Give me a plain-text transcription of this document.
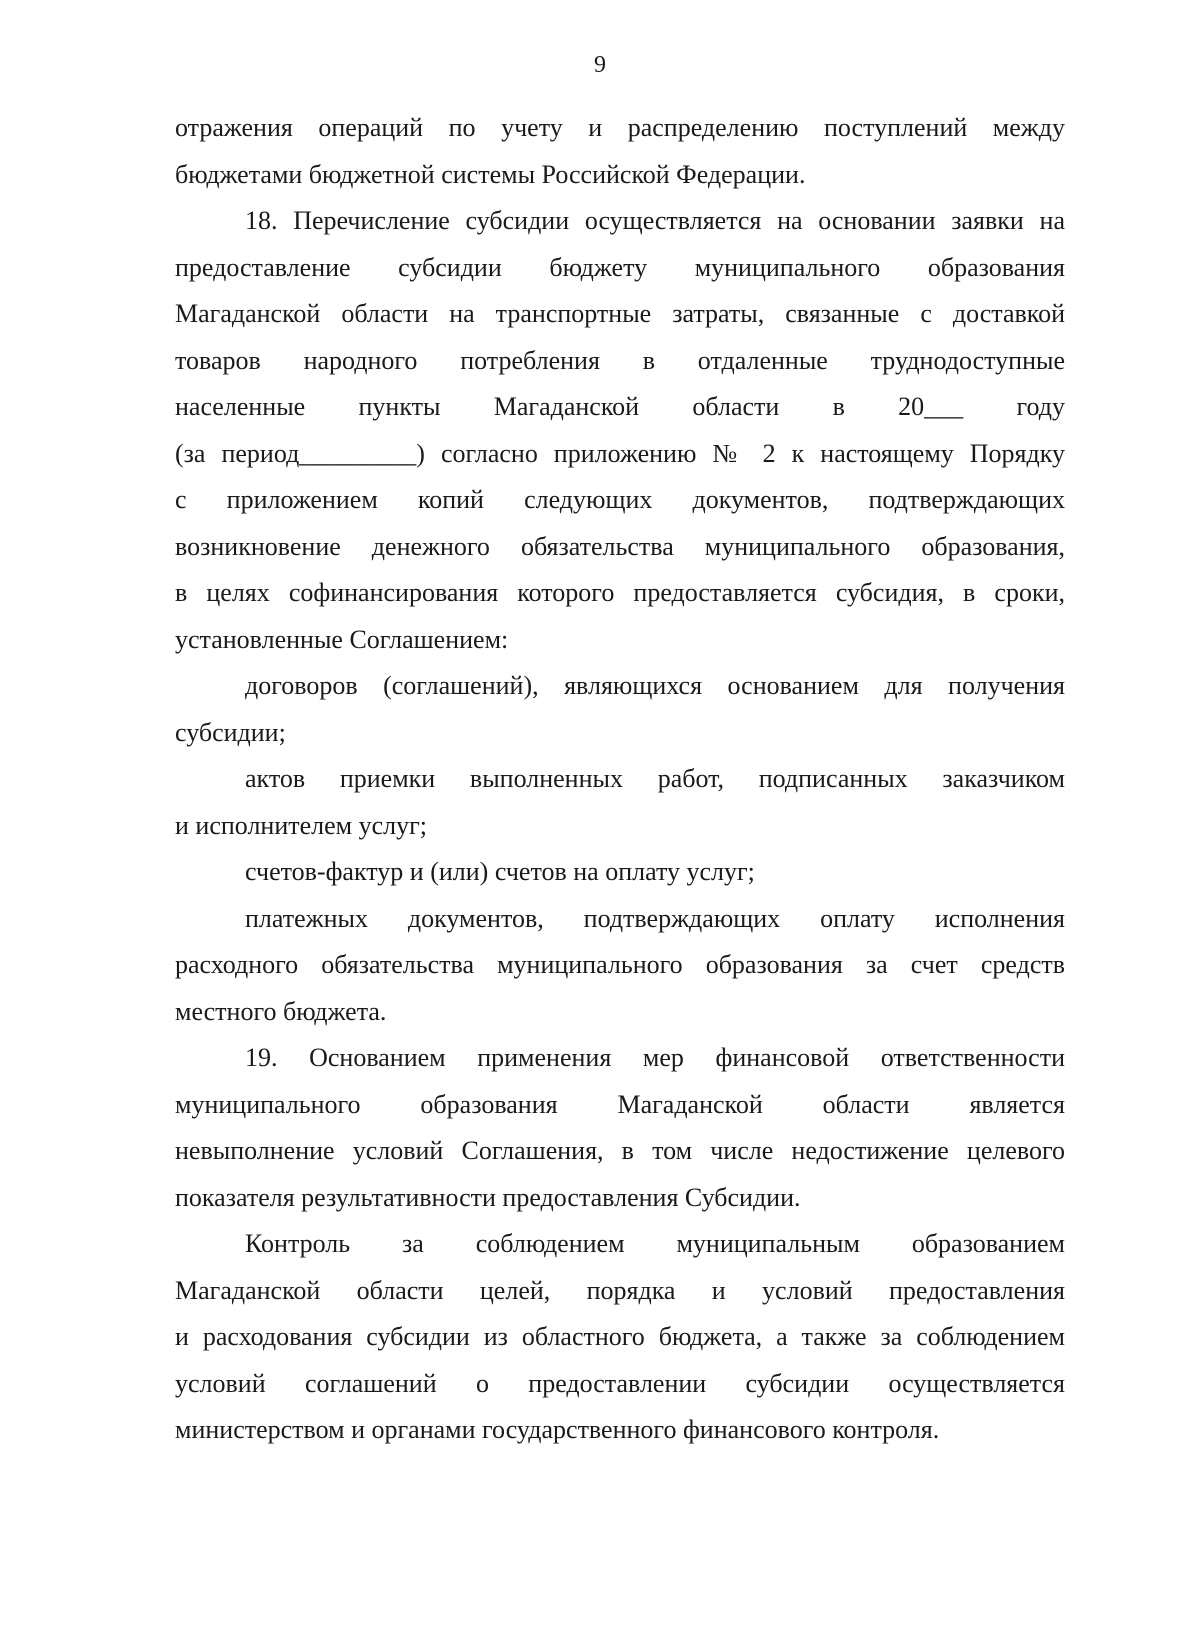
9
отражения операций по учету и распределению поступлений между
бюджетами бюджетной системы Российской Федерации.
18. Перечисление субсидии осуществляется на основании заявки на
предоставление субсидии бюджету муниципального образования
Магаданской области на транспортные затраты, связанные с доставкой
товаров народного потребления в отдаленные труднодоступные
населенные пункты Магаданской области в 20___ году
(за период_________) согласно приложению № 2 к настоящему Порядку
с приложением копий следующих документов, подтверждающих
возникновение денежного обязательства муниципального образования,
в целях софинансирования которого предоставляется субсидия, в сроки,
установленные Соглашением:
договоров (соглашений), являющихся основанием для получения
субсидии;
актов приемки выполненных работ, подписанных заказчиком
и исполнителем услуг;
счетов-фактур и (или) счетов на оплату услуг;
платежных документов, подтверждающих оплату исполнения
расходного обязательства муниципального образования за счет средств
местного бюджета.
19. Основанием применения мер финансовой ответственности
муниципального образования Магаданской области является
невыполнение условий Соглашения, в том числе недостижение целевого
показателя результативности предоставления Субсидии.
Контроль за соблюдением муниципальным образованием
Магаданской области целей, порядка и условий предоставления
и расходования субсидии из областного бюджета, а также за соблюдением
условий соглашений о предоставлении субсидии осуществляется
министерством и органами государственного финансового контроля.
